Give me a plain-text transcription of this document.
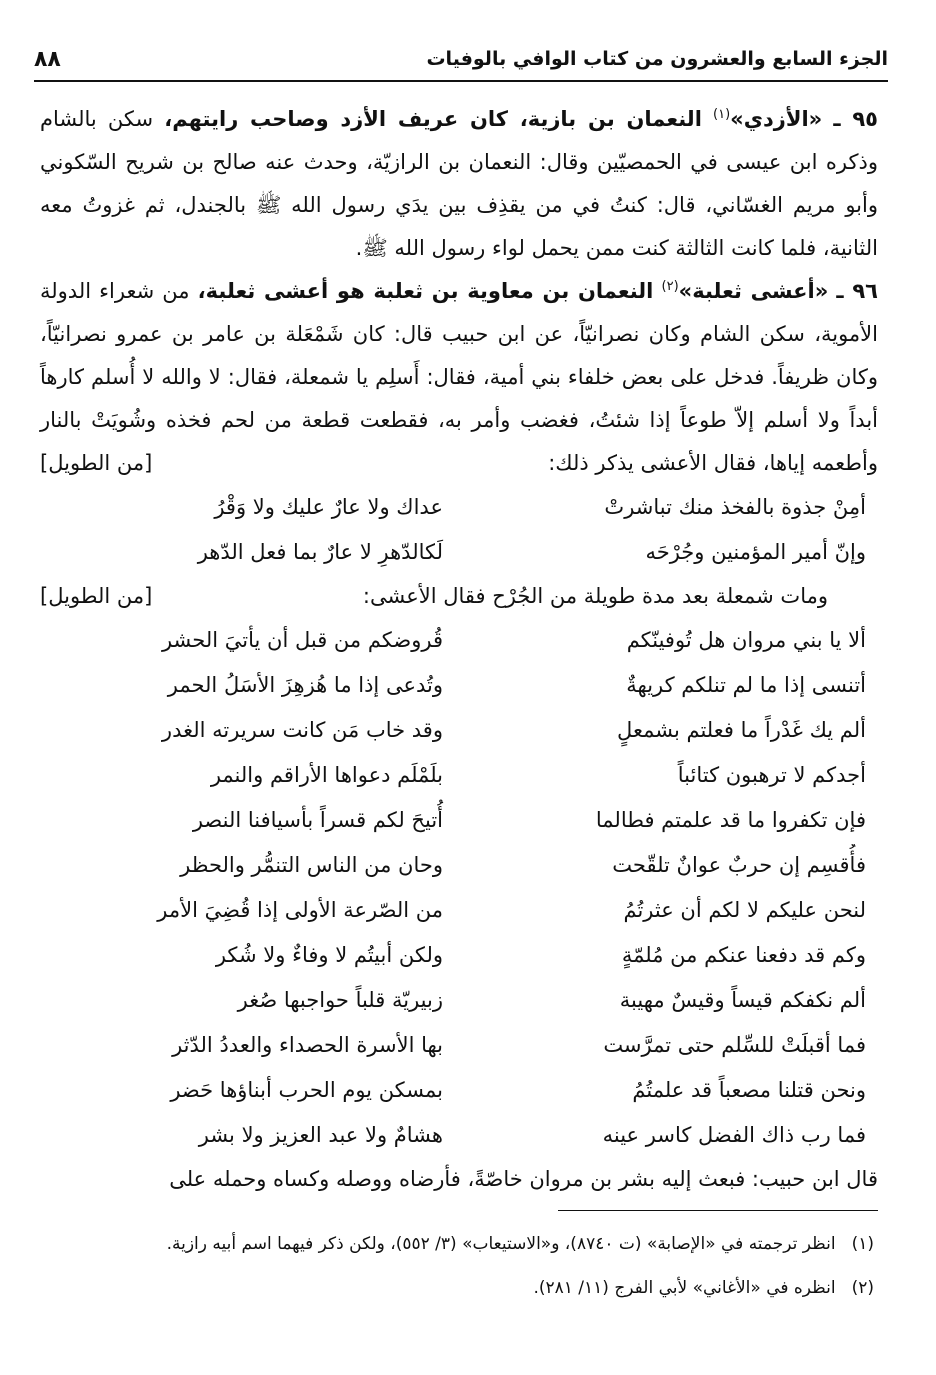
الجزء السابع والعشرون من كتاب الوافي بالوفيات
٨٨

٩٥ ـ «الأزدي»$^{(١)}$ النعمان بن بازية، كان عريف الأزد وصاحب رايتهم، سكن بالشام وذكره ابن عيسى في الحمصيّين وقال: النعمان بن الرازيّة، وحدث عنه صالح بن شريح السّكوني وأبو مريم الغسّاني، قال: كنتُ في من يقذِف بين يدَي رسول الله ﷺ بالجندل، ثم غزوتُ معه الثانية، فلما كانت الثالثة كنت ممن يحمل لواء رسول الله ﷺ.

٩٦ ـ «أعشى ثعلبة»$^{(٢)}$ النعمان بن معاوية بن ثعلبة هو أعشى ثعلبة، من شعراء الدولة الأموية، سكن الشام وكان نصرانيّاً، عن ابن حبيب قال: كان شَمْعَلة بن عامر بن عمرو نصرانيّاً، وكان ظريفاً. فدخل على بعض خلفاء بني أمية، فقال: أَسلِم يا شمعلة، فقال: لا والله لا أُسلم كارهاً أبداً ولا أسلم إلاّ طوعاً إذا شئتُ، فغضب وأمر به، فقطعت قطعة من لحم فخذه وشُويَتْ بالنار وأطعمه إياها، فقال الأعشى يذكر ذلك:
[من الطويل]

أمِنْ جذوة بالفخذ منك تباشرتْ
عداك ولا عارٌ عليك ولا وَقْرُ
وإنّ أمير المؤمنين وجُرْحَه
لَكالدّهرِ لا عارٌ بما فعل الدّهر

ومات شمعلة بعد مدة طويلة من الجُرْح فقال الأعشى:
[من الطويل]

ألا يا بني مروان هل تُوفينّكم
قُروضكم من قبل أن يأتيَ الحشر
أتنسى إذا ما لم تنلكم كريهةٌ
وتُدعى إذا ما هُزهِزَ الأسَلُ الحمر
ألم يك غَدْراً ما فعلتم بشمعلٍ
وقد خاب مَن كانت سريرته الغدر
أجدكم لا ترهبون كتائباً
بلَمْلَم دعواها الأراقم والنمر
فإن تكفروا ما قد علمتم فطالما
أُتيحَ لكم قسراً بأسيافنا النصر
فأُقسِم إن حربٌ عوانٌ تلقّحت
وحان من الناس التنمُّر والحظر
لنحن عليكم لا لكم أن عثرتُمُ
من الصّرعة الأولى إذا قُضِيَ الأمر
وكم قد دفعنا عنكم من مُلمّةٍ
ولكن أبيتُم لا وفاءٌ ولا شُكر
ألم نكفكم قيساً وقيسٌ مهيبة
زبيريّة قلباً حواجبها صُغر
فما أقبلَتْ للسِّلم حتى تمرَّست
بها الأسرة الحصداء والعددُ الدّثر
ونحن قتلنا مصعباً قد علمتُمُ
بمسكن يوم الحرب أبناؤها حَضر
فما رب ذاك الفضل كاسر عينه
هشامٌ ولا عبد العزيز ولا بشر

قال ابن حبيب: فبعث إليه بشر بن مروان خاصّةً، فأرضاه ووصله وكساه وحمله على

(١)انظر ترجمته في «الإصابة» (ت ٨٧٤٠)، و«الاستيعاب» (٣/ ٥٥٢)، ولكن ذكر فيهما اسم أبيه رازية.

(٢)انظره في «الأغاني» لأبي الفرج (١١/ ٢٨١).
